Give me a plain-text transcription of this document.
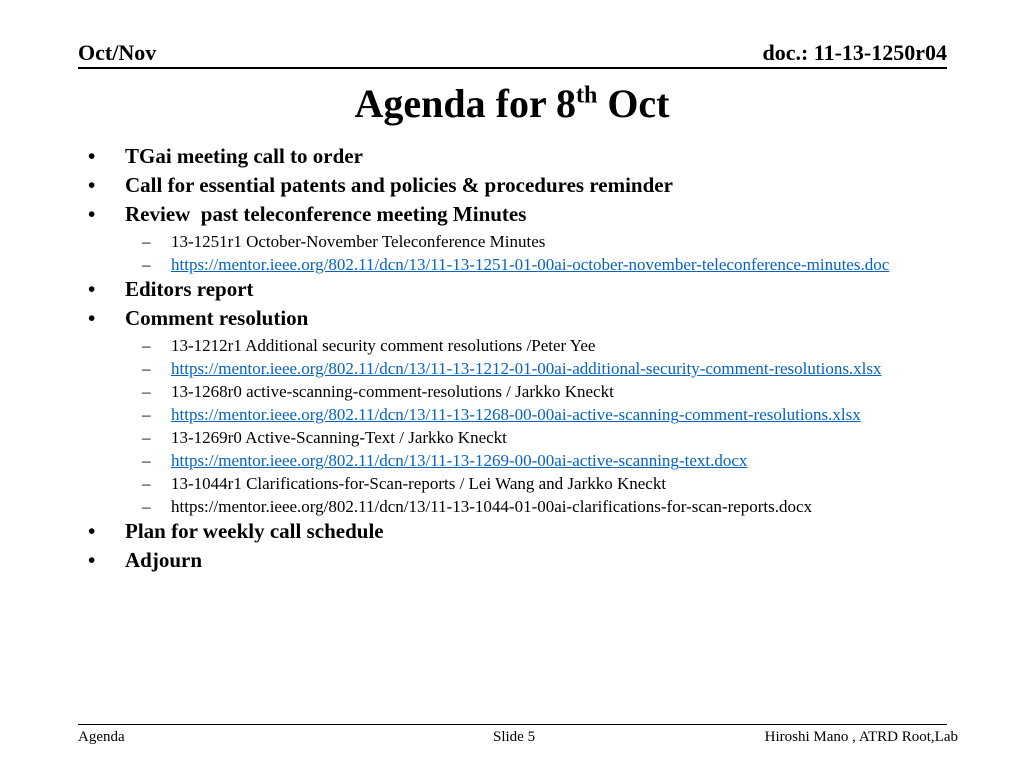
Oct/Nov	doc.: 11-13-1250r04
Agenda for 8th Oct
• TGai meeting call to order
• Call for essential patents and policies & procedures reminder
• Review  past teleconference meeting Minutes
– 13-1251r1 October-November Teleconference Minutes
– https://mentor.ieee.org/802.11/dcn/13/11-13-1251-01-00ai-october-november-teleconference-minutes.doc
• Editors report
• Comment resolution
– 13-1212r1 Additional security comment resolutions /Peter Yee
– https://mentor.ieee.org/802.11/dcn/13/11-13-1212-01-00ai-additional-security-comment-resolutions.xlsx
– 13-1268r0 active-scanning-comment-resolutions / Jarkko Kneckt
– https://mentor.ieee.org/802.11/dcn/13/11-13-1268-00-00ai-active-scanning-comment-resolutions.xlsx
– 13-1269r0 Active-Scanning-Text / Jarkko Kneckt
– https://mentor.ieee.org/802.11/dcn/13/11-13-1269-00-00ai-active-scanning-text.docx
– 13-1044r1 Clarifications-for-Scan-reports / Lei Wang and Jarkko Kneckt
– https://mentor.ieee.org/802.11/dcn/13/11-13-1044-01-00ai-clarifications-for-scan-reports.docx
• Plan for weekly call schedule
• Adjourn
Agenda	Slide 5	Hiroshi Mano , ATRD Root,Lab
